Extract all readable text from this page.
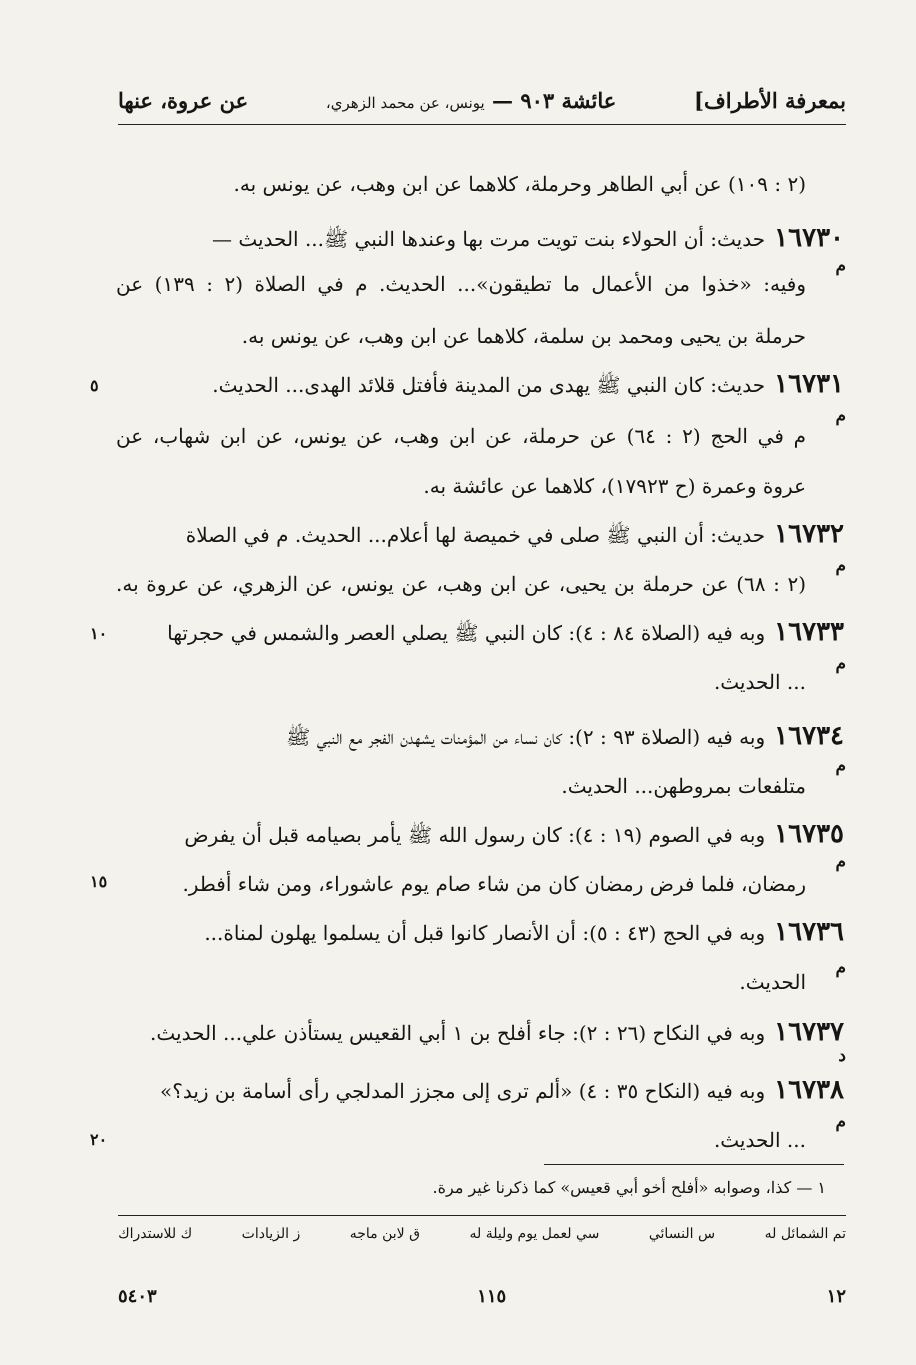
بمعرفة الأطراف]
عائشة ٩٠٣ — يونس، عن محمد الزهري،
عن عروة، عنها
(٢ : ١٠٩) عن أبي الطاهر وحرملة، كلاهما عن ابن وهب، عن يونس به.
١٦٧٣٠ حديث: أن الحولاء بنت تويت مرت بها وعندها النبي ﷺ... الحديث —
وفيه: «خذوا من الأعمال ما تطيقون»... الحديث. م في الصلاة (٢ : ١٣٩) عن
حرملة بن يحيى ومحمد بن سلمة، كلاهما عن ابن وهب، عن يونس به.
١٦٧٣١ حديث: كان النبي ﷺ يهدى من المدينة فأفتل قلائد الهدى... الحديث.
م في الحج (٢ : ٦٤) عن حرملة، عن ابن وهب، عن يونس، عن ابن شهاب، عن
عروة وعمرة (ح ١٧٩٢٣)، كلاهما عن عائشة به.
١٦٧٣٢ حديث: أن النبي ﷺ صلى في خميصة لها أعلام... الحديث. م في الصلاة
(٢ : ٦٨) عن حرملة بن يحيى، عن ابن وهب، عن يونس، عن الزهري، عن عروة به.
١٦٧٣٣ وبه فيه (الصلاة ٨٤ : ٤): كان النبي ﷺ يصلي العصر والشمس في حجرتها
... الحديث.
١٦٧٣٤ وبه فيه (الصلاة ٩٣ : ٢): كان نساء من المؤمنات يشهدن الفجر مع النبي ﷺ
متلفعات بمروطهن... الحديث.
١٦٧٣٥ وبه في الصوم (١٩ : ٤): كان رسول الله ﷺ يأمر بصيامه قبل أن يفرض
رمضان، فلما فرض رمضان كان من شاء صام يوم عاشوراء، ومن شاء أفطر.
١٦٧٣٦ وبه في الحج (٤٣ : ٥): أن الأنصار كانوا قبل أن يسلموا يهلون لمناة...
الحديث.
١٦٧٣٧ وبه في النكاح (٢٦ : ٢): جاء أفلح بن ١ أبي القعيس يستأذن علي... الحديث.
١٦٧٣٨ وبه فيه (النكاح ٣٥ : ٤) «ألم ترى إلى مجزز المدلجي رأى أسامة بن زيد؟»
... الحديث.
م
م
م
م
م
م
م
د
م
٥
١٠
١٥
٢٠
١ — كذا، وصوابه «أفلح أخو أبي قعيس» كما ذكرنا غير مرة.
تم الشمائل له
س النسائي
سي لعمل يوم وليلة له
ق لابن ماجه
ز الزيادات
ك للاستدراك
١٢
١١٥
٥٤٠٣
